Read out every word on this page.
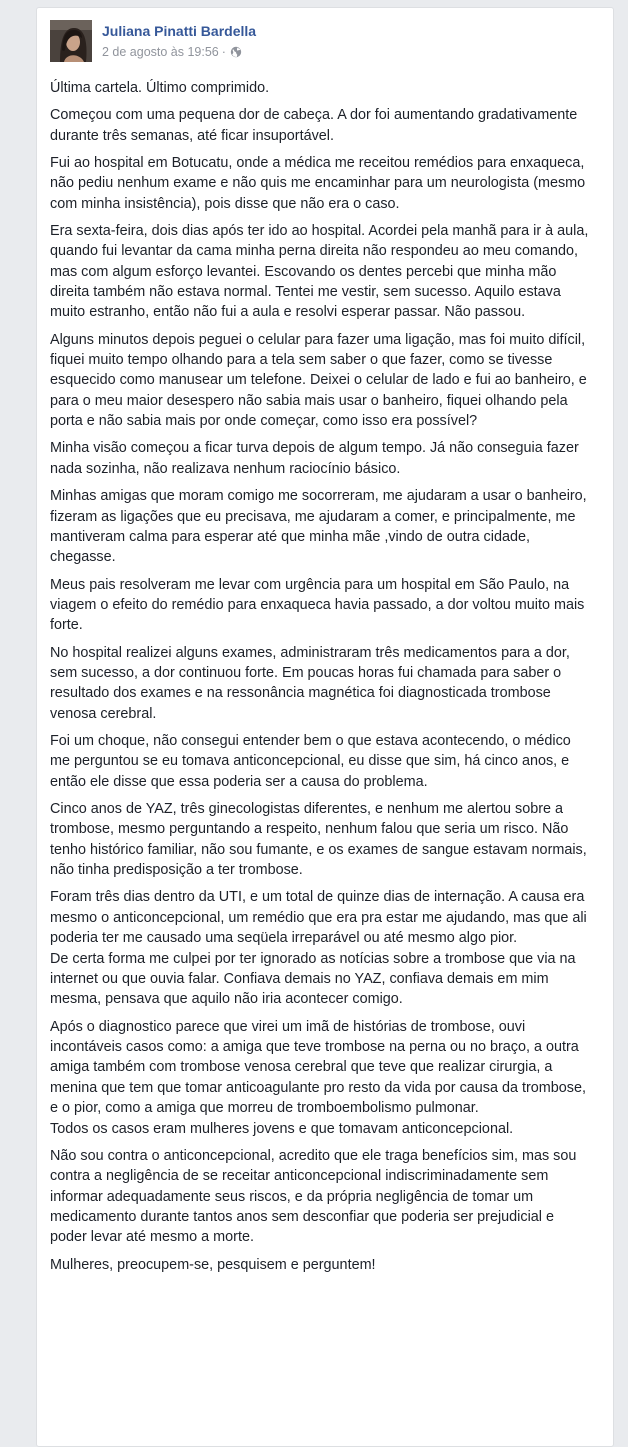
Juliana Pinatti Bardella
2 de agosto às 19:56 ·

Última cartela. Último comprimido.

Começou com uma pequena dor de cabeça. A dor foi aumentando gradativamente durante três semanas, até ficar insuportável.

Fui ao hospital em Botucatu, onde a médica me receitou remédios para enxaqueca, não pediu nenhum exame e não quis me encaminhar para um neurologista (mesmo com minha insistência), pois disse que não era o caso.

Era sexta-feira, dois dias após ter ido ao hospital. Acordei pela manhã para ir à aula, quando fui levantar da cama minha perna direita não respondeu ao meu comando, mas com algum esforço levantei. Escovando os dentes percebi que minha mão direita também não estava normal. Tentei me vestir, sem sucesso. Aquilo estava muito estranho, então não fui a aula e resolvi esperar passar. Não passou.

Alguns minutos depois peguei o celular para fazer uma ligação, mas foi muito difícil, fiquei muito tempo olhando para a tela sem saber o que fazer, como se tivesse esquecido como manusear um telefone. Deixei o celular de lado e fui ao banheiro, e para o meu maior desespero não sabia mais usar o banheiro, fiquei olhando pela porta e não sabia mais por onde começar, como isso era possível?

Minha visão começou a ficar turva depois de algum tempo. Já não conseguia fazer nada sozinha, não realizava nenhum raciocínio básico.

Minhas amigas que moram comigo me socorreram, me ajudaram a usar o banheiro, fizeram as ligações que eu precisava, me ajudaram a comer, e principalmente, me mantiveram calma para esperar até que minha mãe ,vindo de outra cidade, chegasse.

Meus pais resolveram me levar com urgência para um hospital em São Paulo, na viagem o efeito do remédio para enxaqueca havia passado, a dor voltou muito mais forte.

No hospital realizei alguns exames, administraram três medicamentos para a dor, sem sucesso, a dor continuou forte. Em poucas horas fui chamada para saber o resultado dos exames e na ressonância magnética foi diagnosticada trombose venosa cerebral.

Foi um choque, não consegui entender bem o que estava acontecendo, o médico me perguntou se eu tomava anticoncepcional, eu disse que sim, há cinco anos, e então ele disse que essa poderia ser a causa do problema.

Cinco anos de YAZ, três ginecologistas diferentes, e nenhum me alertou sobre a trombose, mesmo perguntando a respeito, nenhum falou que seria um risco. Não tenho histórico familiar, não sou fumante, e os exames de sangue estavam normais, não tinha predisposição a ter trombose.

Foram três dias dentro da UTI, e um total de quinze dias de internação. A causa era mesmo o anticoncepcional, um remédio que era pra estar me ajudando, mas que ali poderia ter me causado uma seqüela irreparável ou até mesmo algo pior.
De certa forma me culpei por ter ignorado as notícias sobre a trombose que via na internet ou que ouvia falar. Confiava demais no YAZ, confiava demais em mim mesma, pensava que aquilo não iria acontecer comigo.

Após o diagnostico parece que virei um imã de histórias de trombose, ouvi incontáveis casos como: a amiga que teve trombose na perna ou no braço, a outra amiga também com trombose venosa cerebral que teve que realizar cirurgia, a menina que tem que tomar anticoagulante pro resto da vida por causa da trombose, e o pior, como a amiga que morreu de tromboembolismo pulmonar.
Todos os casos eram mulheres jovens e que tomavam anticoncepcional.

Não sou contra o anticoncepcional, acredito que ele traga benefícios sim, mas sou contra a negligência de se receitar anticoncepcional indiscriminadamente sem informar adequadamente seus riscos, e da própria negligência de tomar um medicamento durante tantos anos sem desconfiar que poderia ser prejudicial e poder levar até mesmo a morte.

Mulheres, preocupem-se, pesquisem e perguntem!
